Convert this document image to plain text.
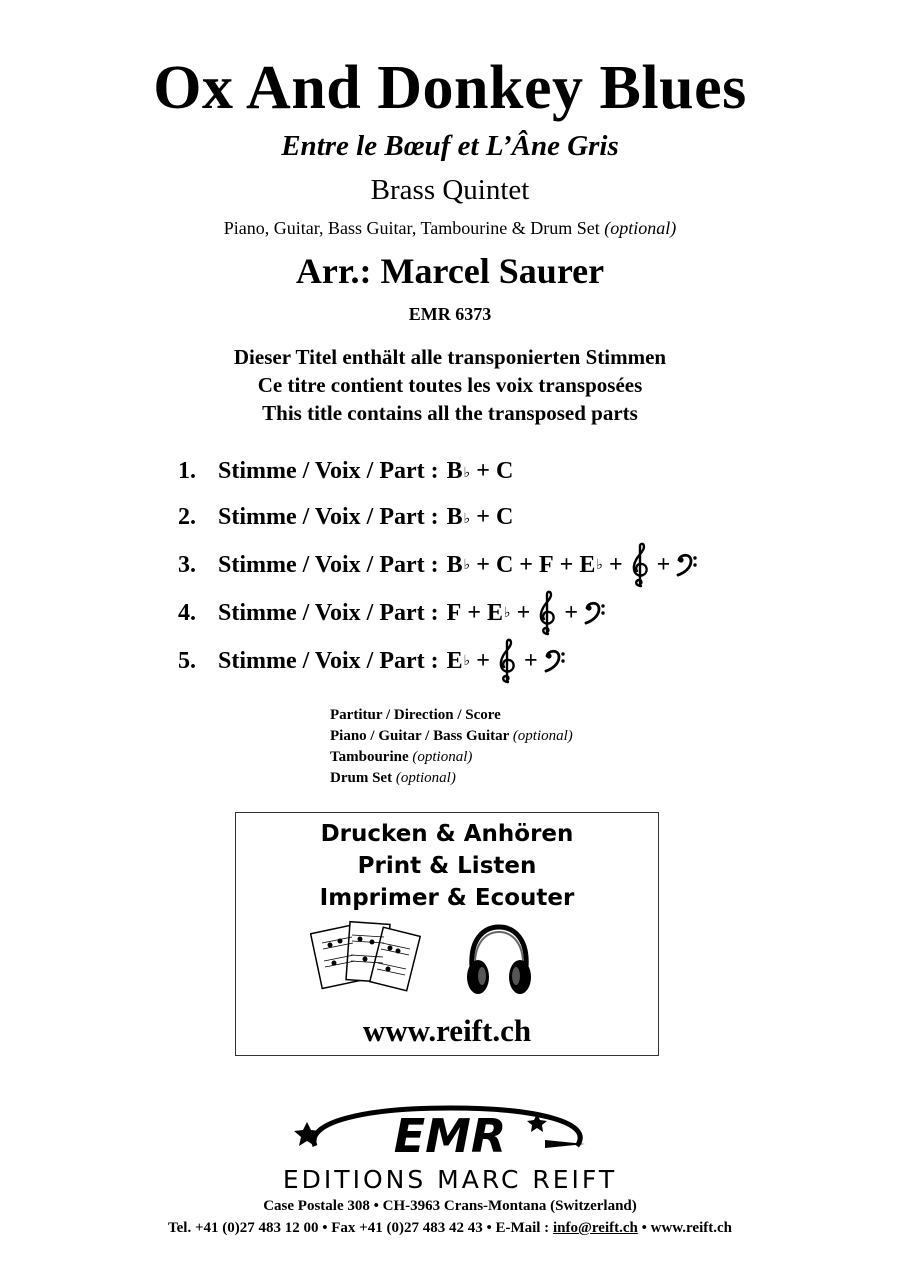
Ox And Donkey Blues
Entre le Bœuf et L’Âne Gris
Brass Quintet
Piano, Guitar, Bass Guitar, Tambourine & Drum Set (optional)
Arr.: Marcel Saurer
EMR 6373
Dieser Titel enthält alle transponierten Stimmen
Ce titre contient toutes les voix transposées
This title contains all the transposed parts
1. Stimme / Voix / Part : B♭ + C
2. Stimme / Voix / Part : B♭ + C
3. Stimme / Voix / Part : B♭ + C + F + E♭ + +
4. Stimme / Voix / Part : F + E♭ + +
5. Stimme / Voix / Part : E♭ + +
Partitur / Direction / Score
Piano / Guitar / Bass Guitar (optional)
Tambourine (optional)
Drum Set (optional)
Drucken & Anhören
Print & Listen
Imprimer & Ecouter
www.reift.ch
EMR
EDITIONS MARC REIFT
Case Postale 308 • CH-3963 Crans-Montana (Switzerland)
Tel. +41 (0)27 483 12 00 • Fax +41 (0)27 483 42 43 • E-Mail : info@reift.ch • www.reift.ch
